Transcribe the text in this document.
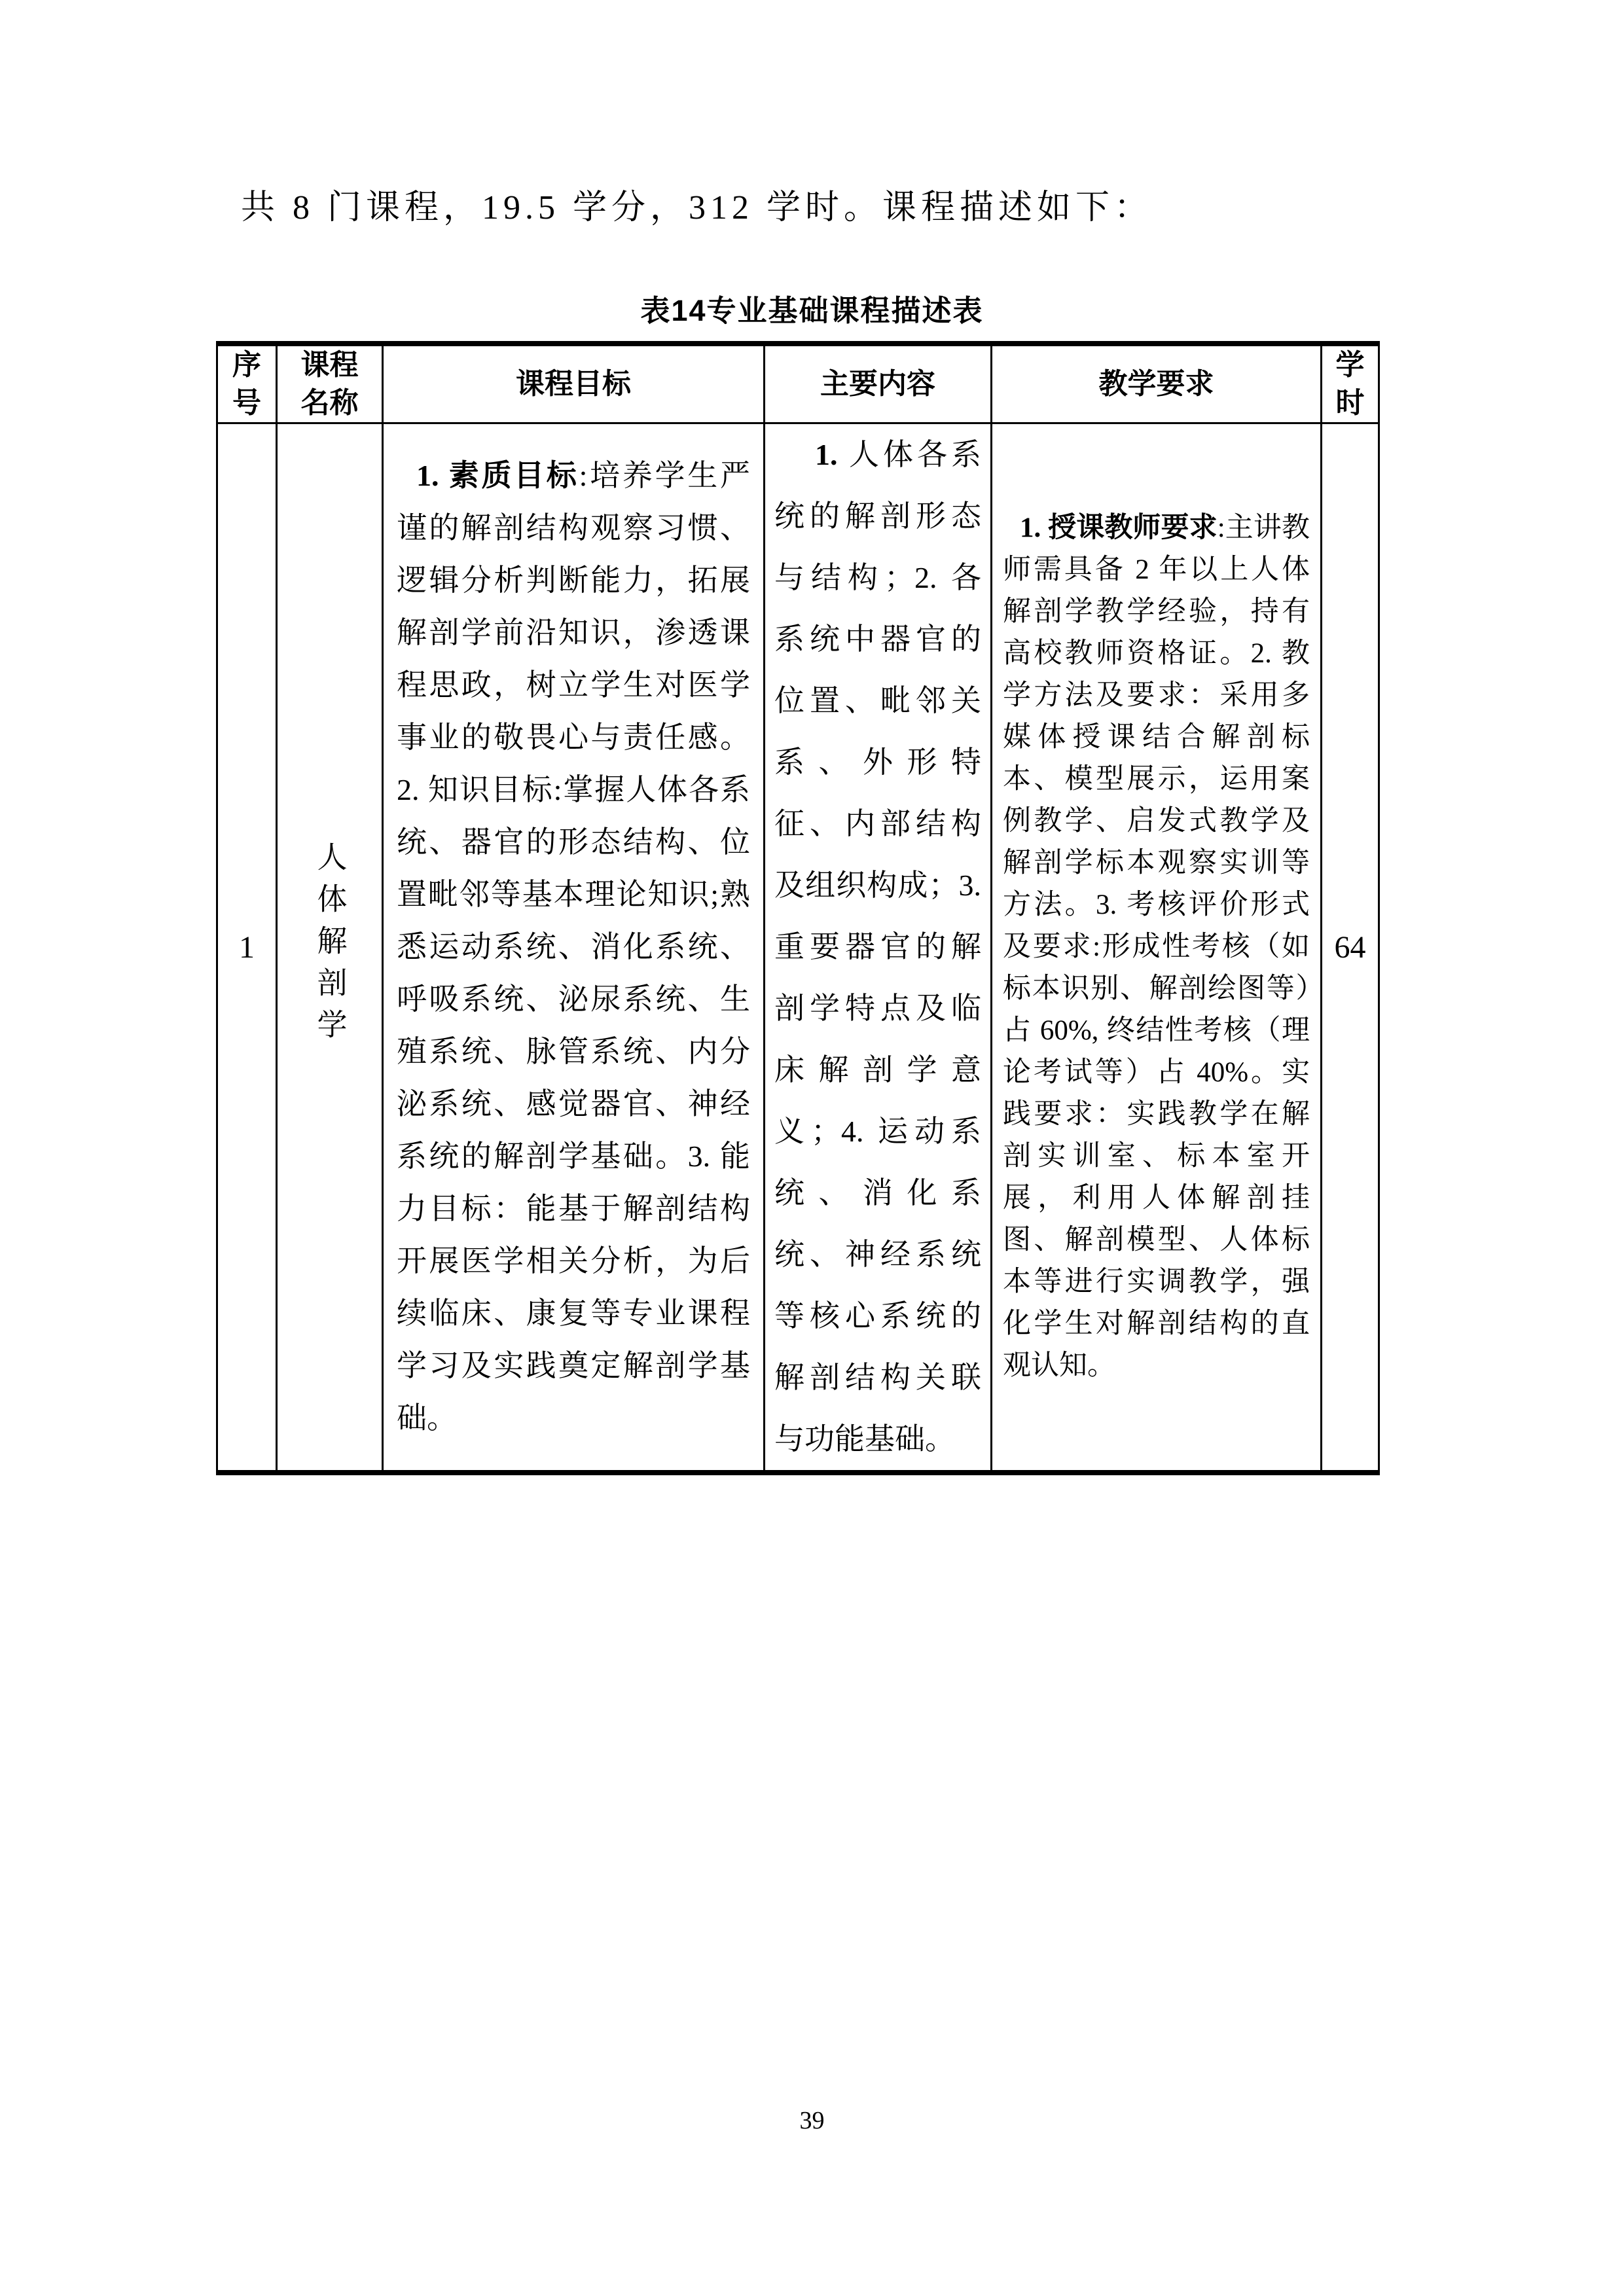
共 8 门课程，19.5 学分，312 学时。课程描述如下：

表14专业基础课程描述表
序号	课程名称	课程目标	主要内容	教学要求	学时
1	人体解剖学	1. 素质目标:培养学生严谨的解剖结构观察习惯、逻辑分析判断能力，拓展解剖学前沿知识，渗透课程思政，树立学生对医学事业的敬畏心与责任感。2. 知识目标:掌握人体各系统、器官的形态结构、位置毗邻等基本理论知识;熟悉运动系统、消化系统、呼吸系统、泌尿系统、生殖系统、脉管系统、内分泌系统、感觉器官、神经系统的解剖学基础。3. 能力目标：能基于解剖结构开展医学相关分析，为后续临床、康复等专业课程学习及实践奠定解剖学基础。	1. 人体各系统的解剖形态与结构；2. 各系统中器官的位置、毗邻关系、外形特征、内部结构及组织构成；3. 重要器官的解剖学特点及临床解剖学意义；4. 运动系统、消化系统、神经系统等核心系统的解剖结构关联与功能基础。	1. 授课教师要求:主讲教师需具备 2 年以上人体解剖学教学经验，持有高校教师资格证。2. 教学方法及要求：采用多媒体授课结合解剖标本、模型展示，运用案例教学、启发式教学及解剖学标本观察实训等方法。3. 考核评价形式及要求:形成性考核（如标本识别、解剖绘图等）占 60%, 终结性考核（理论考试等）占 40%。实践要求：实践教学在解剖实训室、标本室开展，利用人体解剖挂图、解剖模型、人体标本等进行实调教学，强化学生对解剖结构的直观认知。	64
39
